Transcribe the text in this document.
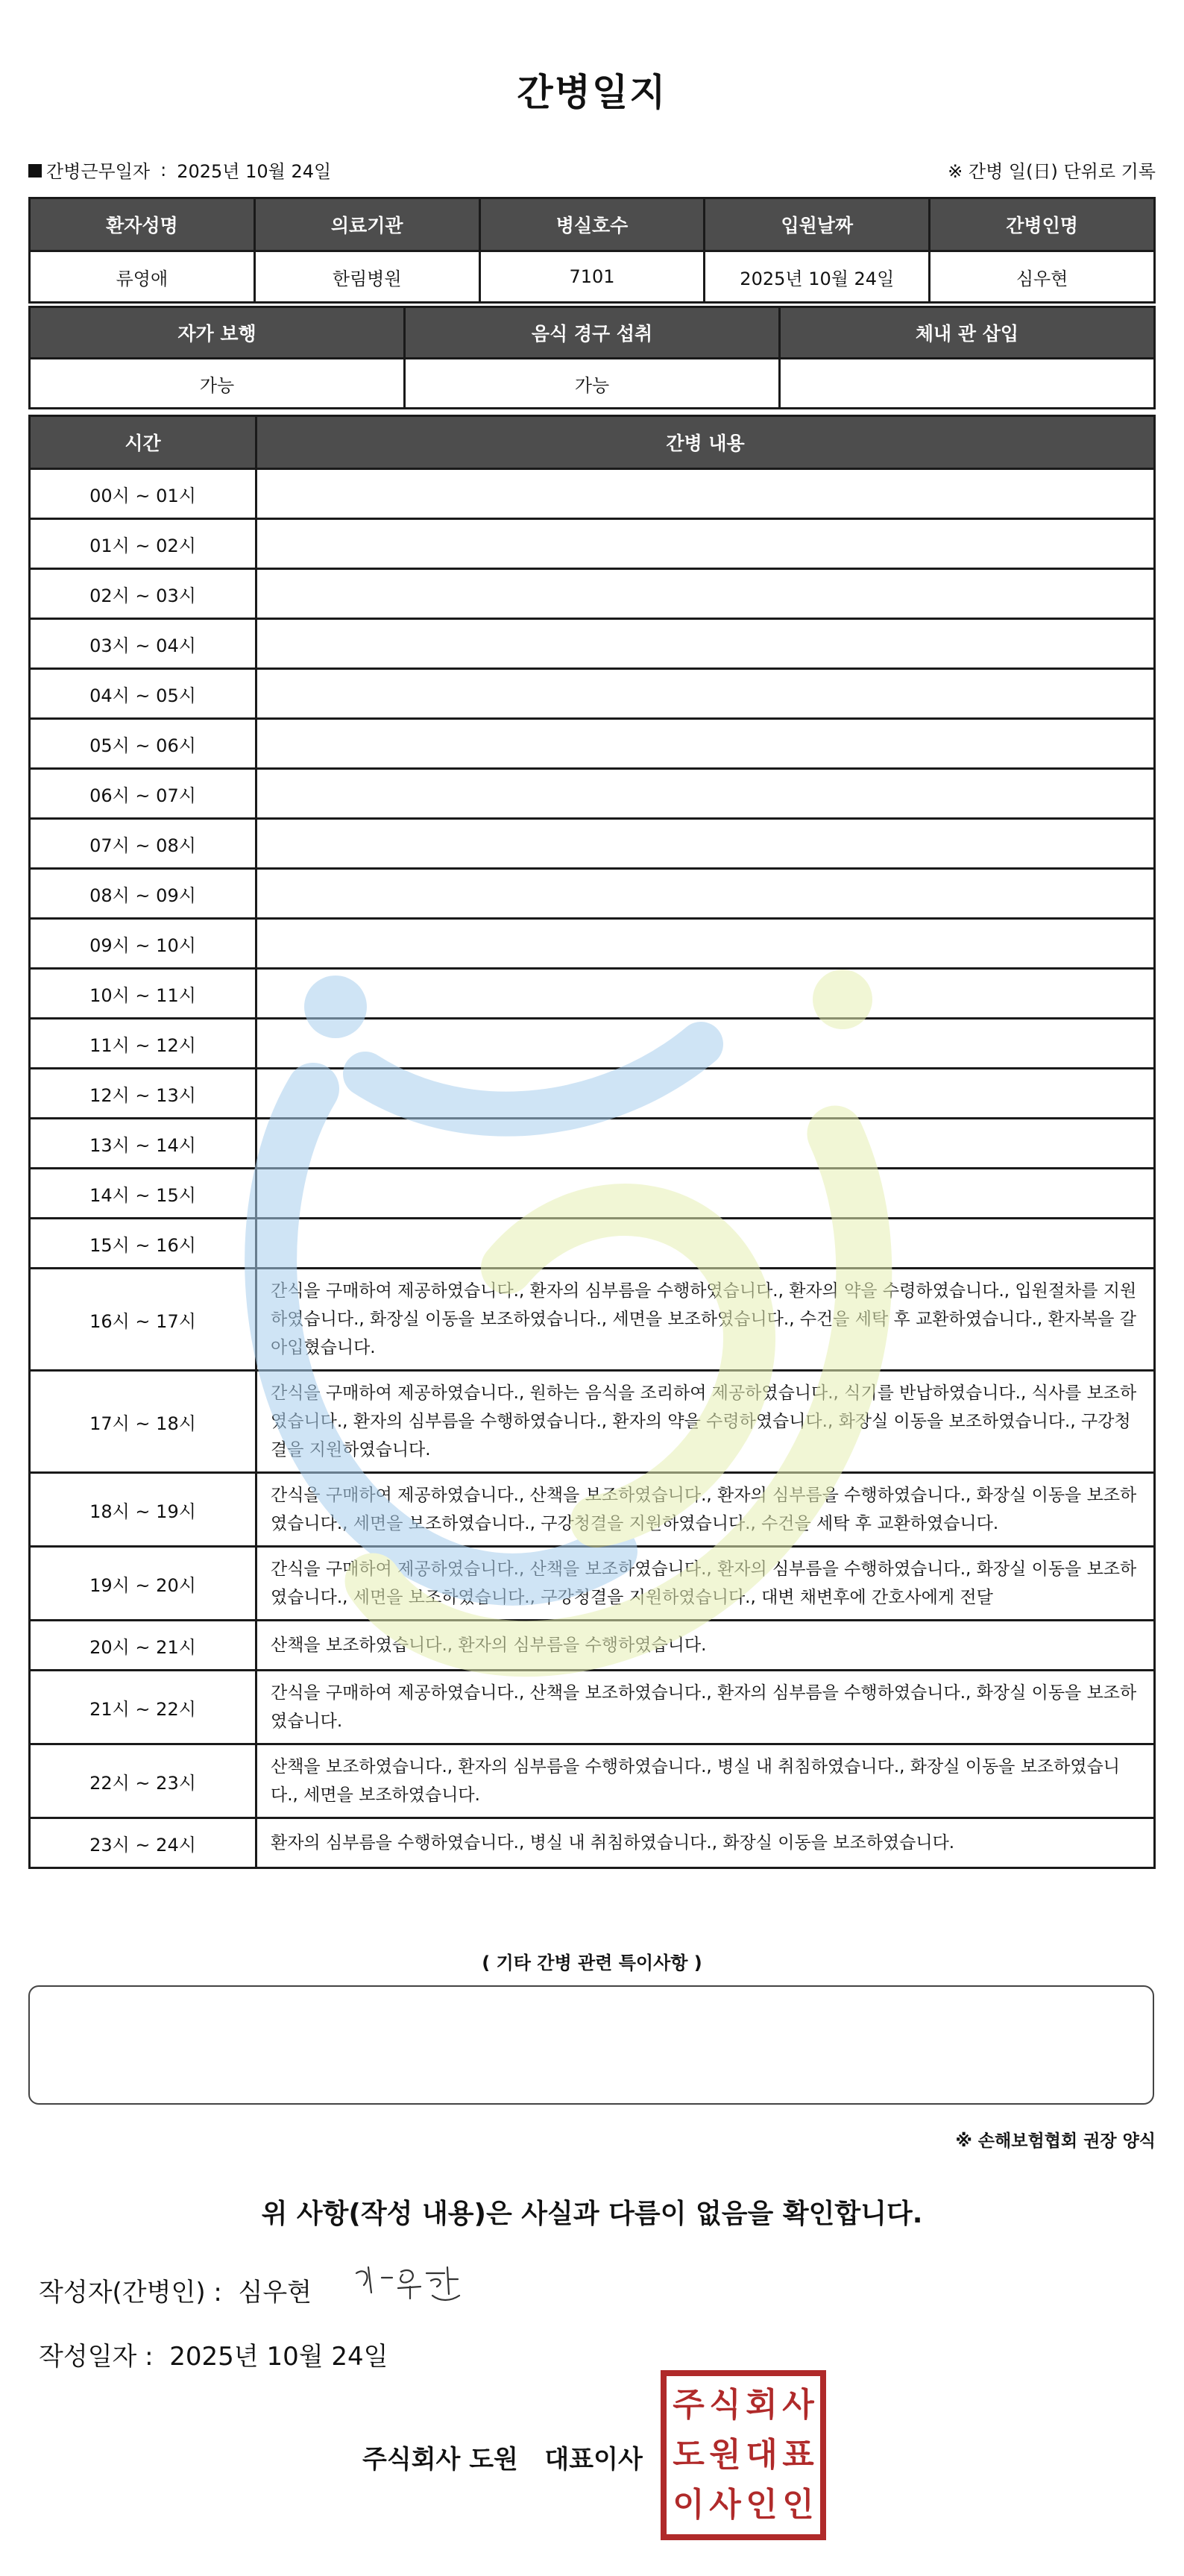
간병일지
간병근무일자 : 2025년 10월 24일	※ 간병 일(日) 단위로 기록
환자성명	의료기관	병실호수	입원날짜	간병인명
류영애	한림병원	7101	2025년 10월 24일	심우현
자가 보행	음식 경구 섭취	체내 관 삽입
가능	가능	
시간	간병 내용
00시 ~ 01시	
01시 ~ 02시	
02시 ~ 03시	
03시 ~ 04시	
04시 ~ 05시	
05시 ~ 06시	
06시 ~ 07시	
07시 ~ 08시	
08시 ~ 09시	
09시 ~ 10시	
10시 ~ 11시	
11시 ~ 12시	
12시 ~ 13시	
13시 ~ 14시	
14시 ~ 15시	
15시 ~ 16시	
16시 ~ 17시	간식을 구매하여 제공하였습니다., 환자의 심부름을 수행하였습니다., 환자의 약을 수령하였습니다., 입원절차를 지원하였습니다., 화장실 이동을 보조하였습니다., 세면을 보조하였습니다., 수건을 세탁 후 교환하였습니다., 환자복을 갈아입혔습니다.
17시 ~ 18시	간식을 구매하여 제공하였습니다., 원하는 음식을 조리하여 제공하였습니다., 식기를 반납하였습니다., 식사를 보조하였습니다., 환자의 심부름을 수행하였습니다., 환자의 약을 수령하였습니다., 화장실 이동을 보조하였습니다., 구강청결을 지원하였습니다.
18시 ~ 19시	간식을 구매하여 제공하였습니다., 산책을 보조하였습니다., 환자의 심부름을 수행하였습니다., 화장실 이동을 보조하였습니다., 세면을 보조하였습니다., 구강청결을 지원하였습니다., 수건을 세탁 후 교환하였습니다.
19시 ~ 20시	간식을 구매하여 제공하였습니다., 산책을 보조하였습니다., 환자의 심부름을 수행하였습니다., 화장실 이동을 보조하였습니다., 세면을 보조하였습니다., 구강청결을 지원하였습니다., 대변 채변후에 간호사에게 전달
20시 ~ 21시	산책을 보조하였습니다., 환자의 심부름을 수행하였습니다.
21시 ~ 22시	간식을 구매하여 제공하였습니다., 산책을 보조하였습니다., 환자의 심부름을 수행하였습니다., 화장실 이동을 보조하였습니다.
22시 ~ 23시	산책을 보조하였습니다., 환자의 심부름을 수행하였습니다., 병실 내 취침하였습니다., 화장실 이동을 보조하였습니다., 세면을 보조하였습니다.
23시 ~ 24시	환자의 심부름을 수행하였습니다., 병실 내 취침하였습니다., 화장실 이동을 보조하였습니다.
( 기타 간병 관련 특이사항 )
※ 손해보험협회 권장 양식
위 사항(작성 내용)은 사실과 다름이 없음을 확인합니다.
작성자(간병인) : 심우현
작성일자 : 2025년 10월 24일
주식회사 도원 대표이사
주 식 회 사
도 원 대 표
이 사 인 인
